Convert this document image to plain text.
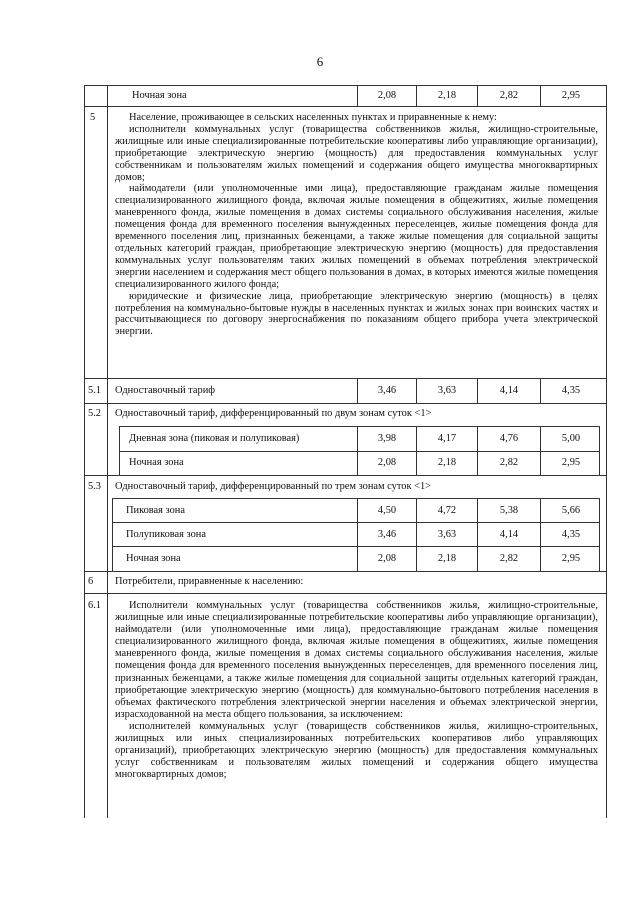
6
Ночная зона	2,08	2,18	2,82	2,95
5	Население, проживающее в сельских населенных пунктах и приравненные к нему:

исполнители коммунальных услуг (товарищества собственников жилья, жилищно-строительные, жилищные или иные специализированные потребительские кооперативы либо управляющие организации), приобретающие электрическую энергию (мощность) для предоставления коммунальных услуг собственникам и пользователям жилых помещений и содержания общего имущества многоквартирных домов;

наймодатели (или уполномоченные ими лица), предоставляющие гражданам жилые помещения специализированного жилищного фонда, включая жилые помещения в общежитиях, жилые помещения маневренного фонда, жилые помещения в домах системы социального обслуживания населения, жилые помещения фонда для временного поселения вынужденных переселенцев, жилые помещения фонда для временного поселения лиц, признанных беженцами, а также жилые помещения для социальной защиты отдельных категорий граждан, приобретающие электрическую энергию (мощность) для предоставления коммунальных услуг пользователям таких жилых помещений в объемах потребления электрической энергии населением и содержания мест общего пользования в домах, в которых имеются жилые помещения специализированного жилого фонда;

юридические и физические лица, приобретающие электрическую энергию (мощность) в целях потребления на коммунально-бытовые нужды в населенных пунктах и жилых зонах при воинских частях и рассчитывающиеся по договору энергоснабжения по показаниям общего прибора учета электрической энергии.

5.1 Одноставочный тариф	3,46	3,63	4,14	4,35
5.2 Одноставочный тариф, дифференцированный по двум зонам суток <1>
Дневная зона (пиковая и полупиковая)	3,98	4,17	4,76	5,00
Ночная зона	2,08	2,18	2,82	2,95
5.3 Одноставочный тариф, дифференцированный по трем зонам суток <1>
Пиковая зона	4,50	4,72	5,38	5,66
Полупиковая зона	3,46	3,63	4,14	4,35
Ночная зона	2,08	2,18	2,82	2,95
6 Потребители, приравненные к населению:
6.1	Исполнители коммунальных услуг (товарищества собственников жилья, жилищно-строительные, жилищные или иные специализированные потребительские кооперативы либо управляющие организации), наймодатели (или уполномоченные ими лица), предоставляющие гражданам жилые помещения специализированного жилищного фонда, включая жилые помещения в общежитиях, жилые помещения маневренного фонда, жилые помещения в домах системы социального обслуживания населения, жилые помещения фонда для временного поселения вынужденных переселенцев, для временного поселения лиц, признанных беженцами, а также жилые помещения для социальной защиты отдельных категорий граждан, приобретающие электрическую энергию (мощность) для коммунально-бытового потребления населения в объемах фактического потребления электрической энергии населения и объемах электрической энергии, израсходованной на места общего пользования, за исключением:

исполнителей коммунальных услуг (товариществ собственников жилья, жилищно-строительных, жилищных или иных специализированных потребительских кооперативов либо управляющих организаций), приобретающих электрическую энергию (мощность) для предоставления коммунальных услуг собственникам и пользователям жилых помещений и содержания общего имущества многоквартирных домов;
